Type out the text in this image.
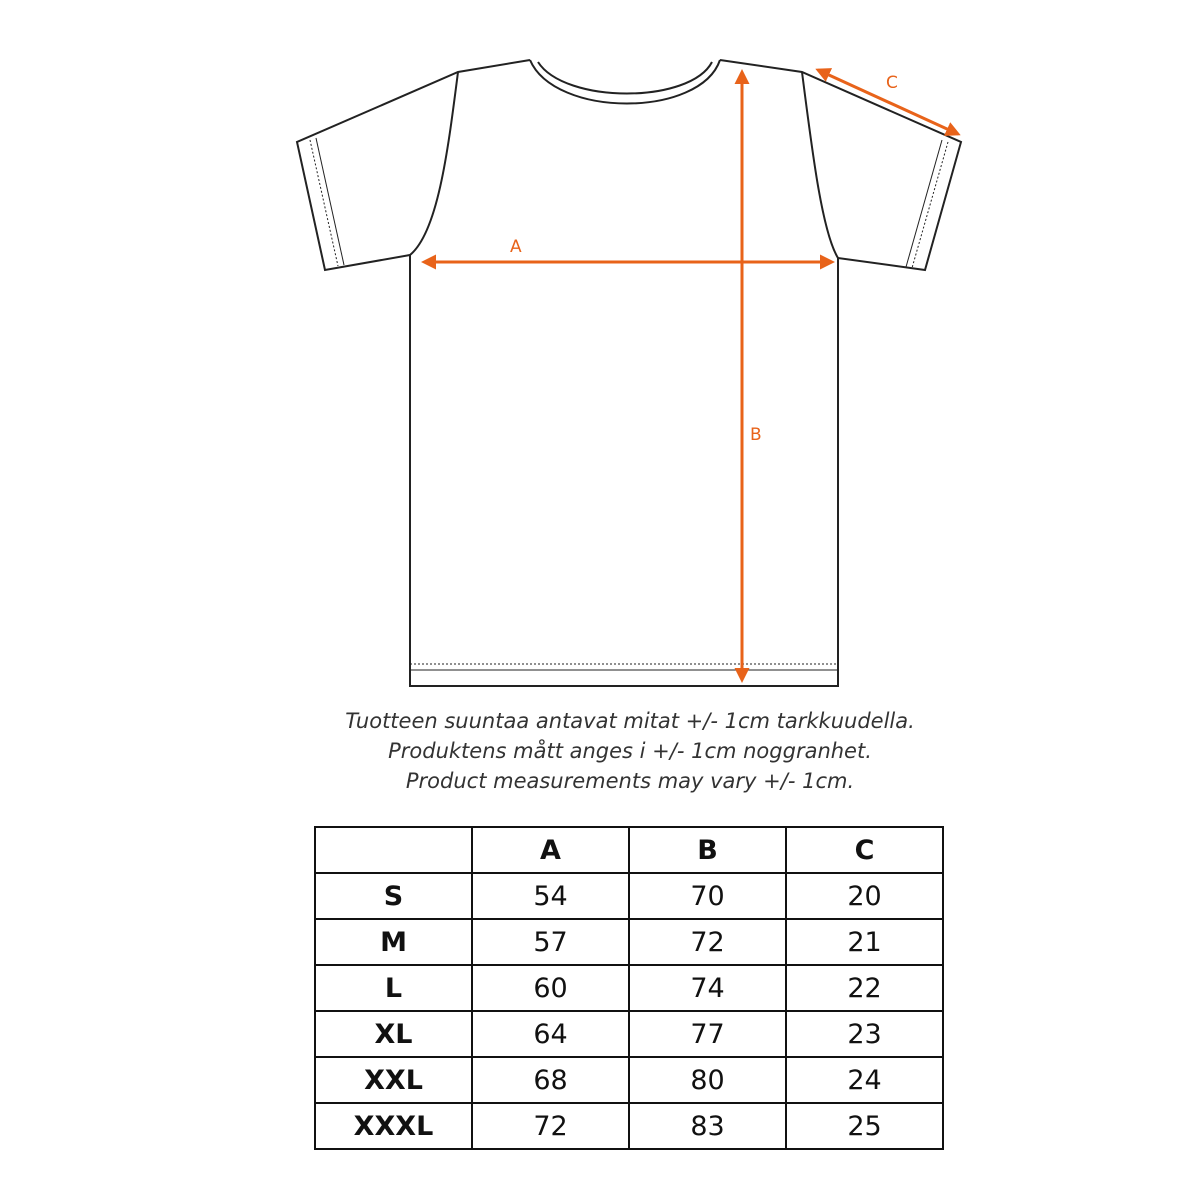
A
B
C
Tuotteen suuntaa antavat mitat +/- 1cm tarkkuudella.
Produktens mått anges i +/- 1cm noggranhet.
Product measurements may vary +/- 1cm.
	A	B	C
S	54	70	20
M	57	72	21
L	60	74	22
XL	64	77	23
XXL	68	80	24
XXXL	72	83	25
